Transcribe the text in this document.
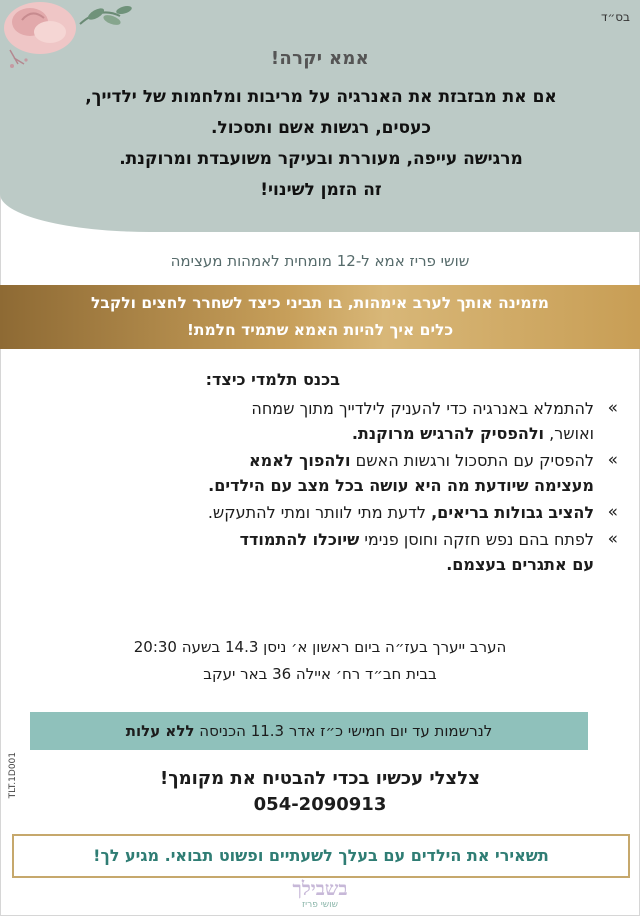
בס״ד
אמא יקרה!
אם את מבזבזת את האנרגיה על מריבות ומלחמות של ילדייך,
כעסים, רגשות אשם ותסכול.
מרגישה עייפה, מעוררת ובעיקר משועבדת ומרוקנת.
זה הזמן לשינוי!
שושי פריז אמא ל-12 מומחית לאמהות מעצימה
מזמינה אותך לערב אימהות, בו תביני כיצד לשחרר לחצים ולקבל
כלים איך להיות האמא שתמיד חלמת!
בכנס תלמדי כיצד:
»
להתמלא באנרגיה כדי להעניק לילדייך מתוך שמחה
ואושר, ולהפסיק להרגיש מרוקנת.
»
להפסיק עם התסכול ורגשות האשם ולהפוך לאמא
מעצימה שיודעת מה היא עושה בכל מצב עם הילדים.
»
להציב גבולות בריאים, לדעת מתי לוותר ומתי להתעקש.
»
לפתח בהם נפש חזקה וחוסן פנימי שיוכלו להתמודד
עם אתגרים בעצמם.
הערב ייערך בעז״ה ביום ראשון א׳ ניסן 14.3 בשעה 20:30
בבית חב״ד רח׳ איילה 36 באר יעקב
לנרשמות עד יום חמישי כ״ז אדר 11.3 הכניסה ללא עלות
TLT.1D001	צלצלי עכשיו בכדי להבטיח את מקומך!
054-2090913
תשאירי את הילדים עם בעלך לשעתיים ופשוט תבואי. מגיע לך!
בשבילך
שושי פריז
